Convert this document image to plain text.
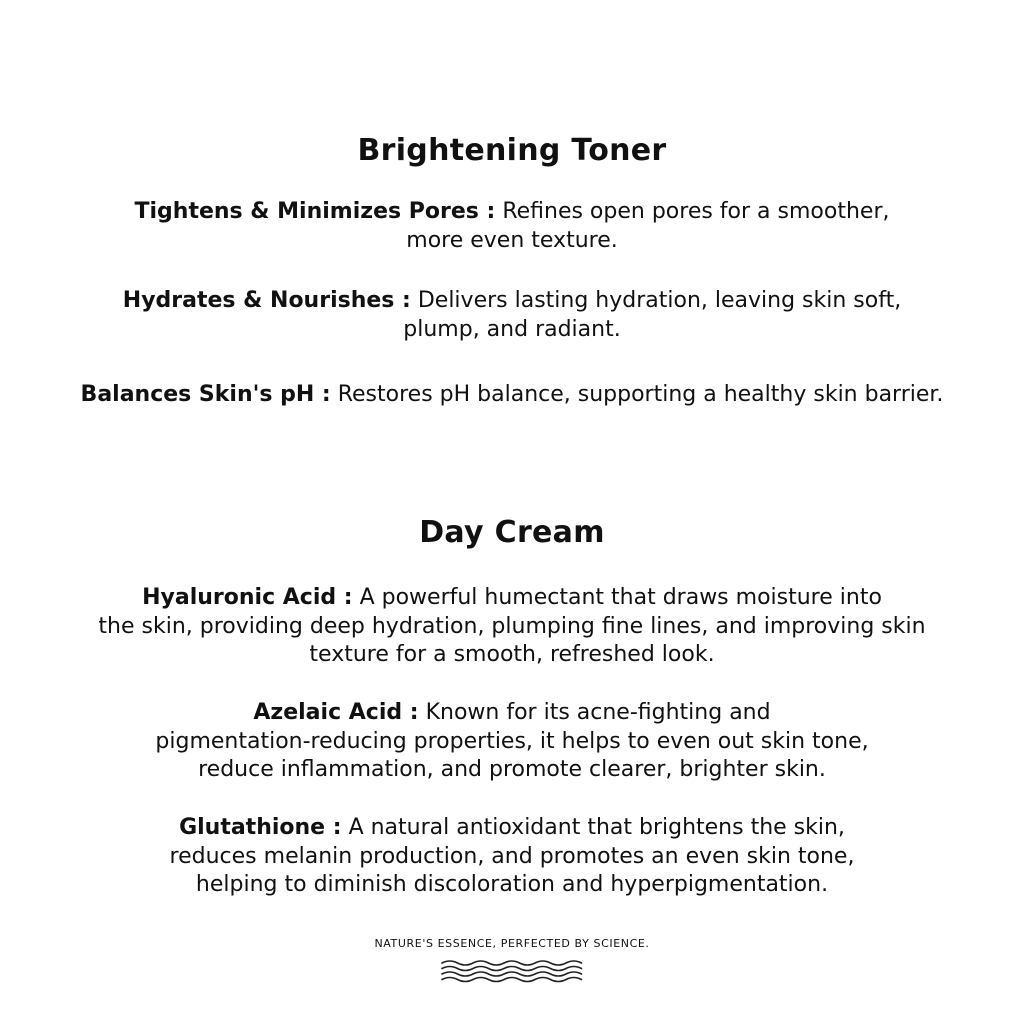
Brightening Toner

Tightens & Minimizes Pores : Refines open pores for a smoother,
more even texture.

Hydrates & Nourishes : Delivers lasting hydration, leaving skin soft,
plump, and radiant.

Balances Skin's pH : Restores pH balance, supporting a healthy skin barrier.

Day Cream

Hyaluronic Acid : A powerful humectant that draws moisture into
the skin, providing deep hydration, plumping fine lines, and improving skin
texture for a smooth, refreshed look.

Azelaic Acid : Known for its acne-fighting and
pigmentation-reducing properties, it helps to even out skin tone,
reduce inflammation, and promote clearer, brighter skin.

Glutathione : A natural antioxidant that brightens the skin,
reduces melanin production, and promotes an even skin tone,
helping to diminish discoloration and hyperpigmentation.

NATURE'S ESSENCE, PERFECTED BY SCIENCE.
